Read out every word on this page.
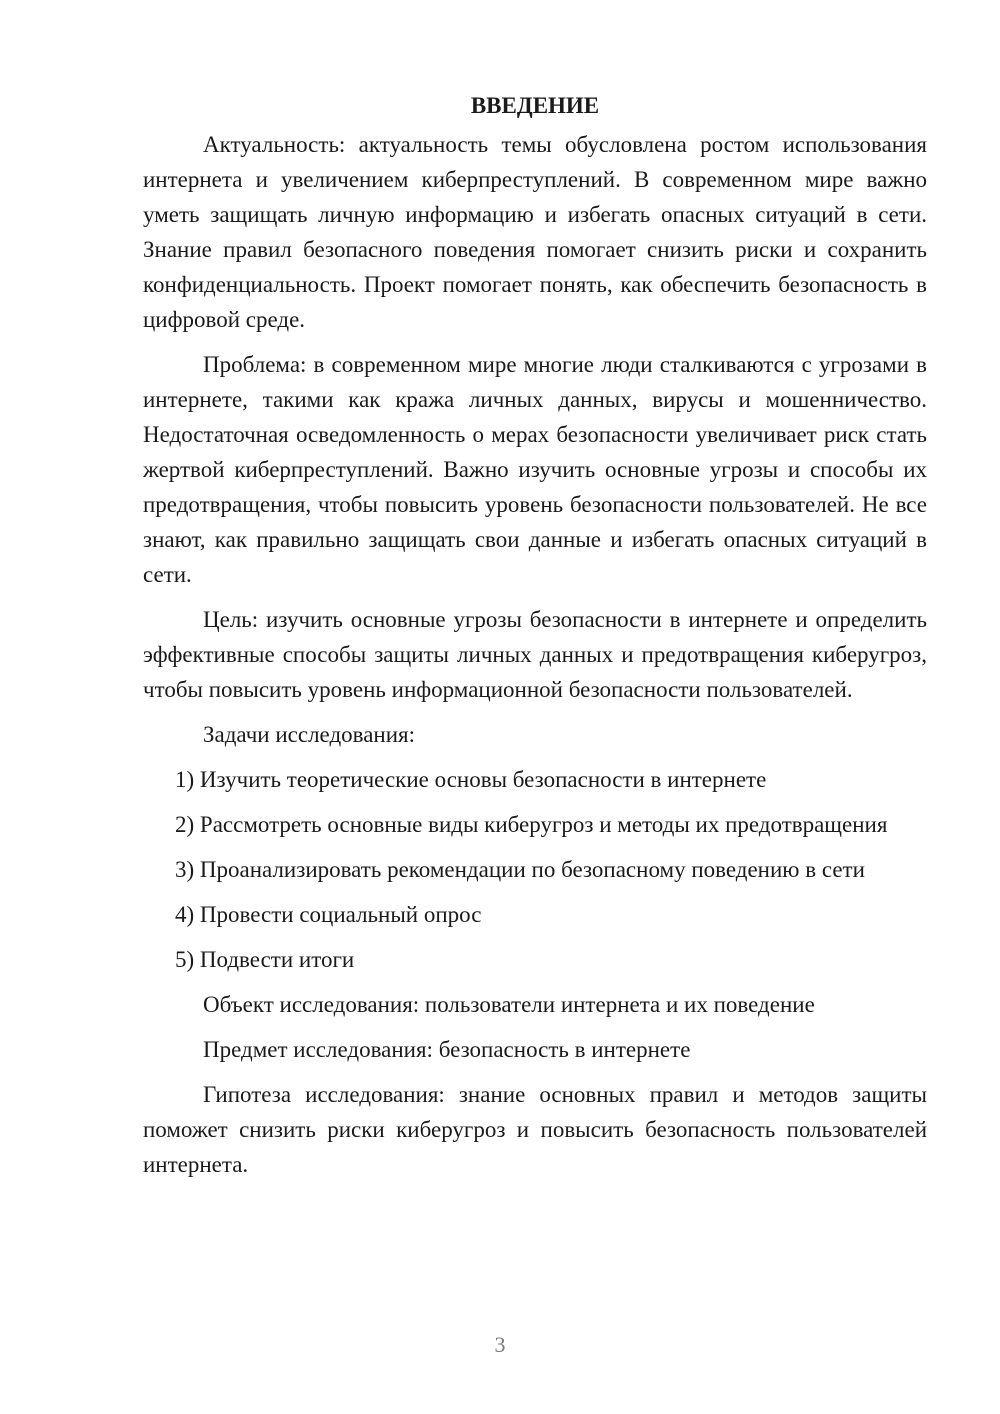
ВВЕДЕНИЕ

Актуальность: актуальность темы обусловлена ростом использования интернета и увеличением киберпреступлений. В современном мире важно уметь защищать личную информацию и избегать опасных ситуаций в сети. Знание правил безопасного поведения помогает снизить риски и сохранить конфиденциальность. Проект помогает понять, как обеспечить безопасность в цифровой среде.

Проблема: в современном мире многие люди сталкиваются с угрозами в интернете, такими как кража личных данных, вирусы и мошенничество. Недостаточная осведомленность о мерах безопасности увеличивает риск стать жертвой киберпреступлений. Важно изучить основные угрозы и способы их предотвращения, чтобы повысить уровень безопасности пользователей. Не все знают, как правильно защищать свои данные и избегать опасных ситуаций в сети.

Цель: изучить основные угрозы безопасности в интернете и определить эффективные способы защиты личных данных и предотвращения киберугроз, чтобы повысить уровень информационной безопасности пользователей.

Задачи исследования:

1) Изучить теоретические основы безопасности в интернете

2) Рассмотреть основные виды киберугроз и методы их предотвращения

3) Проанализировать рекомендации по безопасному поведению в сети

4) Провести социальный опрос

5) Подвести итоги

Объект исследования: пользователи интернета и их поведение

Предмет исследования: безопасность в интернете

Гипотеза исследования: знание основных правил и методов защиты поможет снизить риски киберугроз и повысить безопасность пользователей интернета.

3
